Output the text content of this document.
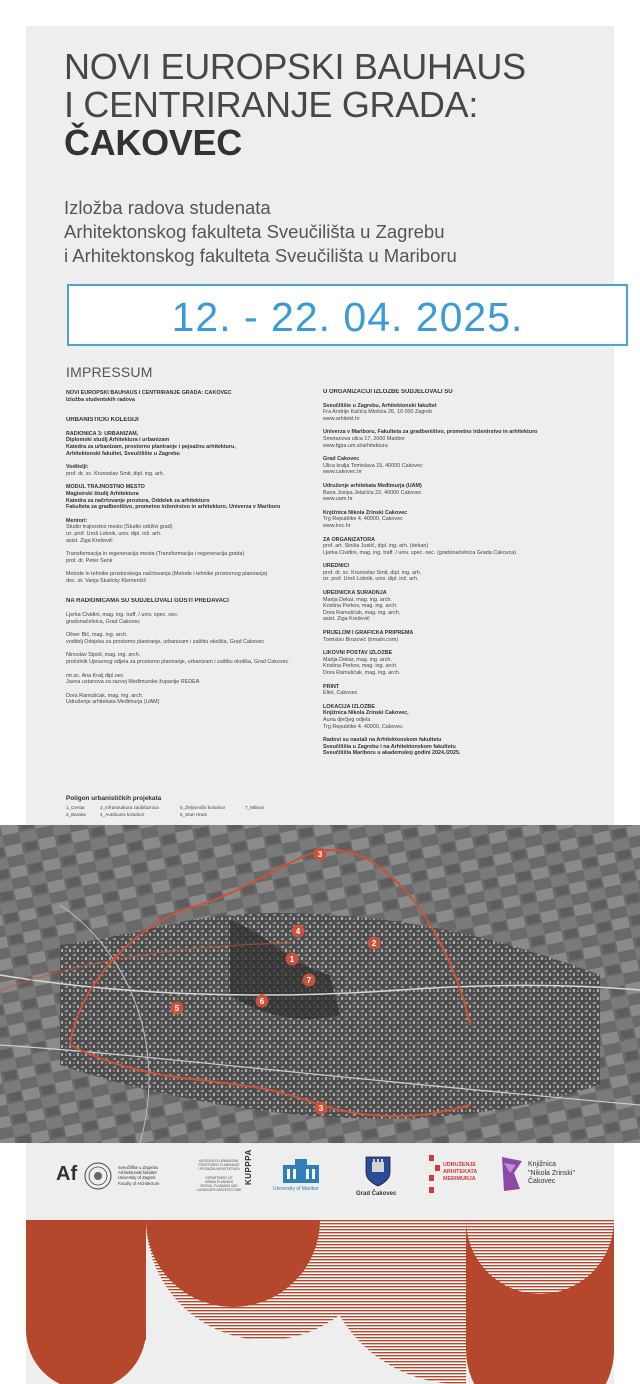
NOVI EUROPSKI BAUHAUS
I CENTRIRANJE GRADA:
ČAKOVEC
Izložba radova studenata
Arhitektonskog fakulteta Sveučilišta u Zagrebu
i Arhitektonskog fakulteta Sveučilišta u Mariboru
12. - 22. 04. 2025.
IMPRESSUM

NOVI EUROPSKI BAUHAUS I CENTRIRANJE GRADA: ČAKOVEC

Izložba studentskih radova

URBANISTIČKI KOLEGIJI

RADIONICA 3: URBANIZAM,

Diplomski studij Arhitektura i urbanizam

Katedra za urbanizam, prostorno planiranje i pejsažnu arhitekturu,

Arhitektonski fakultet, Sveučilište u Zagrebu

Voditelji:

prof. dr. sc. Krunoslav Šmit, dipl. ing. arh.

MODUL TRAJNOSTNO MESTO

Magistrski študij Arhitektura

Katedra za načrtovanje prostora, Oddelek za arhitekturo

Fakulteta za gradbeništvo, prometno inženirstvo in arhitekturo, Univerza v Mariboru

Mentori:

Studio trajnostno mesto (Studio održivi grad)

izr. prof. Uroš Lobnik, univ. dipl. inž. arh.

asist. Žiga Kreševič

Transformacija in regeneracija mesta (Transformacija i regeneracija grada)

prof. dr. Peter Šenk

Metode in tehnike prostorskega načrtovanja (Metode i tehnike prostornog planiranja)

doc. dr. Vanja Skalicky Klemenčič

NA RADIONICAMA SU SUDJELOVALI GOSTI PREDAVAČI

Ljerka Cividini, mag. ing. traff. / univ. spec. oec.

gradonačelnica, Grad Čakovec

Oliver Bič, mag. ing. arch.

voditelj Odsjeka za prostorno planiranje, urbanizam i zaštitu okoliša, Grad Čakovec

Ninoslav Šipoš, mag. ing. arch.

pročelnik Upravnog odjela za prostorno planiranje, urbanizam i zaštitu okoliša, Grad Čakovec

mr.sc. Ana Kralj dipl.oec

Javna ustanova za razvoj Međimurske županije REDEA

Dora Ramušćak, mag. ing. arch.

Udruženje arhitekata Međimurja (UAM)

U ORGANIZACIJI IZLOŽBE SUDJELOVALI SU

Sveučilište u Zagrebu, Arhitektonski fakultet

Fra Andrije Kačića Miošića 26, 10 000 Zagreb

www.arhitekt.hr

Univerza v Mariboru, Fakulteta za gradbeništvo, prometno inženirstvo in arhitekturo

Smetanova ulica 17, 2000 Maribor

www.fgpa.um.si/arhitektura

Grad Čakovec

Ulica kralja Tomislava 15, 40000 Čakovec

www.cakovec.hr

Udruženje arhitekata Međimurja (UAM)

Bana Josipa Jelačića 22, 40000 Čakovec

www.uam.hr

Knjižnica Nikola Zrinski Čakovec

Trg Republike 4, 40000, Čakovec

www.knc.hr

ZA ORGANIZATORA

prof. art. Siniša Justić, dipl. ing. arh. (dekan)

Ljerka Cividini, mag. ing. traff. / univ. spec. oec. (gradonačelnica Grada Čakovca)

UREDNICI

prof. dr. sc. Krunoslav Šmit, dipl. ing. arh.

izr. prof. Uroš Lobnik, univ. dipl. inž. arh.

UREDNIČKA SURADNJA

Marija Dekar, mag. ing. arch.

Kristina Perkov, mag. ing. arch.

Dora Ramušćak, mag. ing. arch.

asist. Žiga Kreševič

PRIJELOM I GRAFIČKA PRIPREMA

Tomislav Brozović (trmatri.com)

LIKOVNI POSTAV IZLOŽBE

Marija Dekar, mag. ing. arch.

Kristina Perkov, mag. ing. arch.

Dora Ramušćak, mag. ing. arch.

PRINT

Eltel, Čakovec

LOKACIJA IZLOŽBE

Knjižnica Nikola Zrinski Čakovec,

Auла dječjeg odjela

Trg Republike 4, 40000, Čakovec

Radovi su nastali na Arhitektonskom fakultetu

Sveučilišta u Zagrebu i na Arhitektonskom fakultetu

Sveučilišta Mariboru u akademskoj godini 2024./2025.

Poligon urbanističkih projekata
1_Centar
2_Baraka
3_Infrastruktura zaobilaznica
4_Autobusni kolodvor
5_Željeznički kolodvor
6_Stari Hrast
7_Mlinovi
3
4
1
2
7
6
5
3
Af	Sveučilište u Zagrebu
Arhitektonski fakultet
University of Zagreb
Faculty of Architecture
KATEDRA ZA URBANIZAM,
PROSTORNO PLANIRANJE
I PEJSAŽNU ARHITEKTURU
DEPARTMENT OF
URBAN PLANNING
SPATIAL PLANNING AND
LANDSCAPE ARCHITECTURE
KUPPPA
University of Maribor
Grad Čakovec
UDRUŽENJE
ARHITEKATA
MEĐIMURJA
Knjižnica
"Nikola Zrinski"
Čakovec
